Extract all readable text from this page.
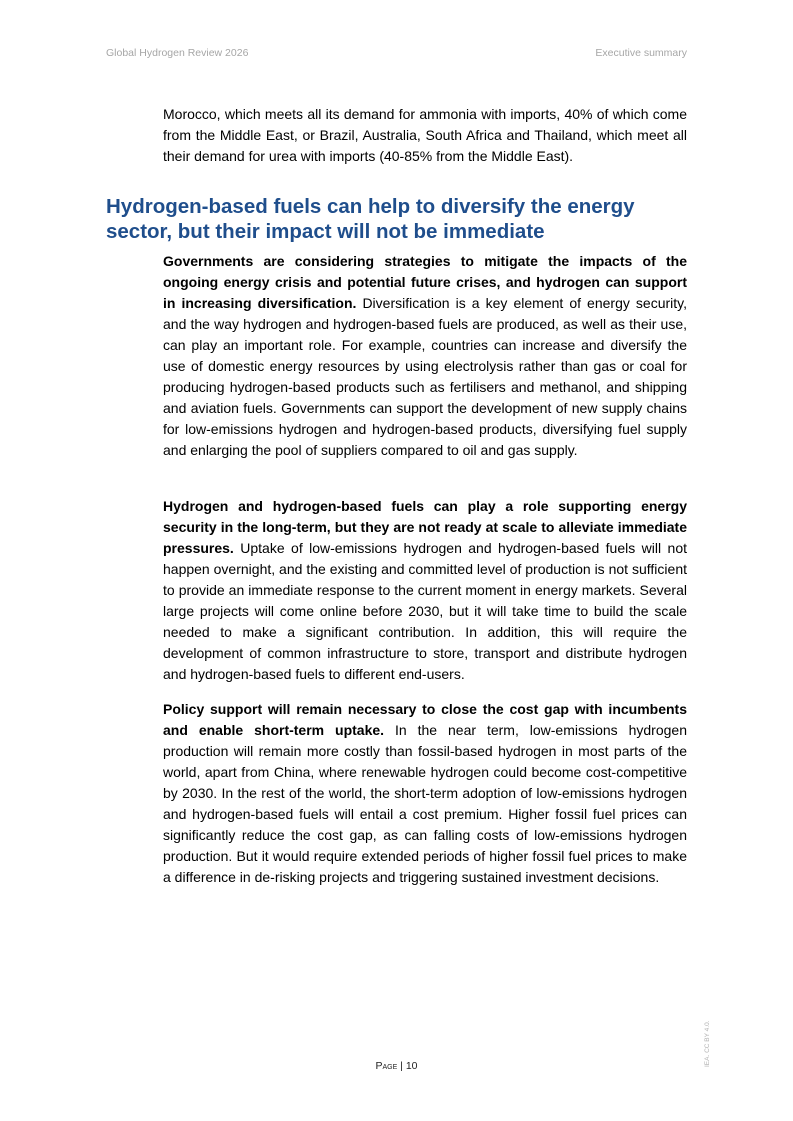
Global Hydrogen Review 2026	Executive summary

Morocco, which meets all its demand for ammonia with imports, 40% of which come from the Middle East, or Brazil, Australia, South Africa and Thailand, which meet all their demand for urea with imports (40-85% from the Middle East).

Hydrogen-based fuels can help to diversify the energy sector, but their impact will not be immediate

Governments are considering strategies to mitigate the impacts of the ongoing energy crisis and potential future crises, and hydrogen can support in increasing diversification. Diversification is a key element of energy security, and the way hydrogen and hydrogen-based fuels are produced, as well as their use, can play an important role. For example, countries can increase and diversify the use of domestic energy resources by using electrolysis rather than gas or coal for producing hydrogen-based products such as fertilisers and methanol, and shipping and aviation fuels. Governments can support the development of new supply chains for low-emissions hydrogen and hydrogen-based products, diversifying fuel supply and enlarging the pool of suppliers compared to oil and gas supply.

Hydrogen and hydrogen-based fuels can play a role supporting energy security in the long-term, but they are not ready at scale to alleviate immediate pressures. Uptake of low-emissions hydrogen and hydrogen-based fuels will not happen overnight, and the existing and committed level of production is not sufficient to provide an immediate response to the current moment in energy markets. Several large projects will come online before 2030, but it will take time to build the scale needed to make a significant contribution. In addition, this will require the development of common infrastructure to store, transport and distribute hydrogen and hydrogen-based fuels to different end-users.

Policy support will remain necessary to close the cost gap with incumbents and enable short-term uptake. In the near term, low-emissions hydrogen production will remain more costly than fossil-based hydrogen in most parts of the world, apart from China, where renewable hydrogen could become cost-competitive by 2030. In the rest of the world, the short-term adoption of low-emissions hydrogen and hydrogen-based fuels will entail a cost premium. Higher fossil fuel prices can significantly reduce the cost gap, as can falling costs of low-emissions hydrogen production. But it would require extended periods of higher fossil fuel prices to make a difference in de-risking projects and triggering sustained investment decisions.

Page | 10	IEA. CC BY 4.0.
